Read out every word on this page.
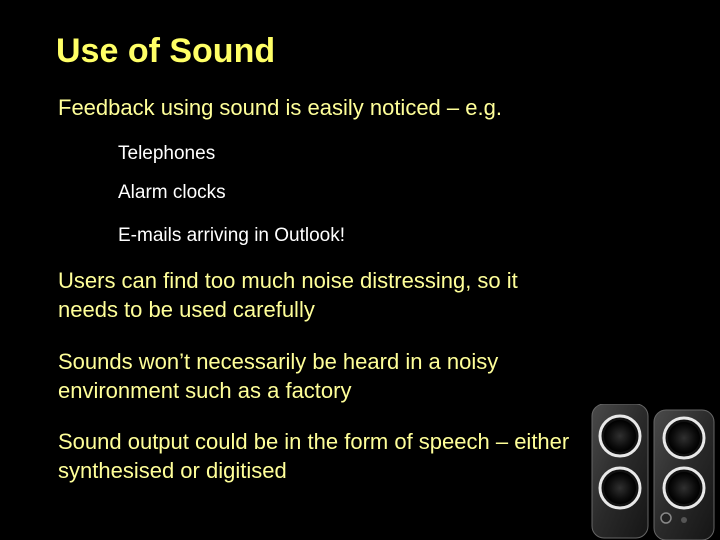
Use of Sound
Feedback using sound is easily noticed – e.g.
Telephones
Alarm clocks
E-mails arriving in Outlook!
Users can find too much noise distressing, so it
needs to be used carefully
Sounds won’t necessarily be heard in a noisy
environment such as a factory
Sound output could be in the form of speech – either
synthesised or digitised
